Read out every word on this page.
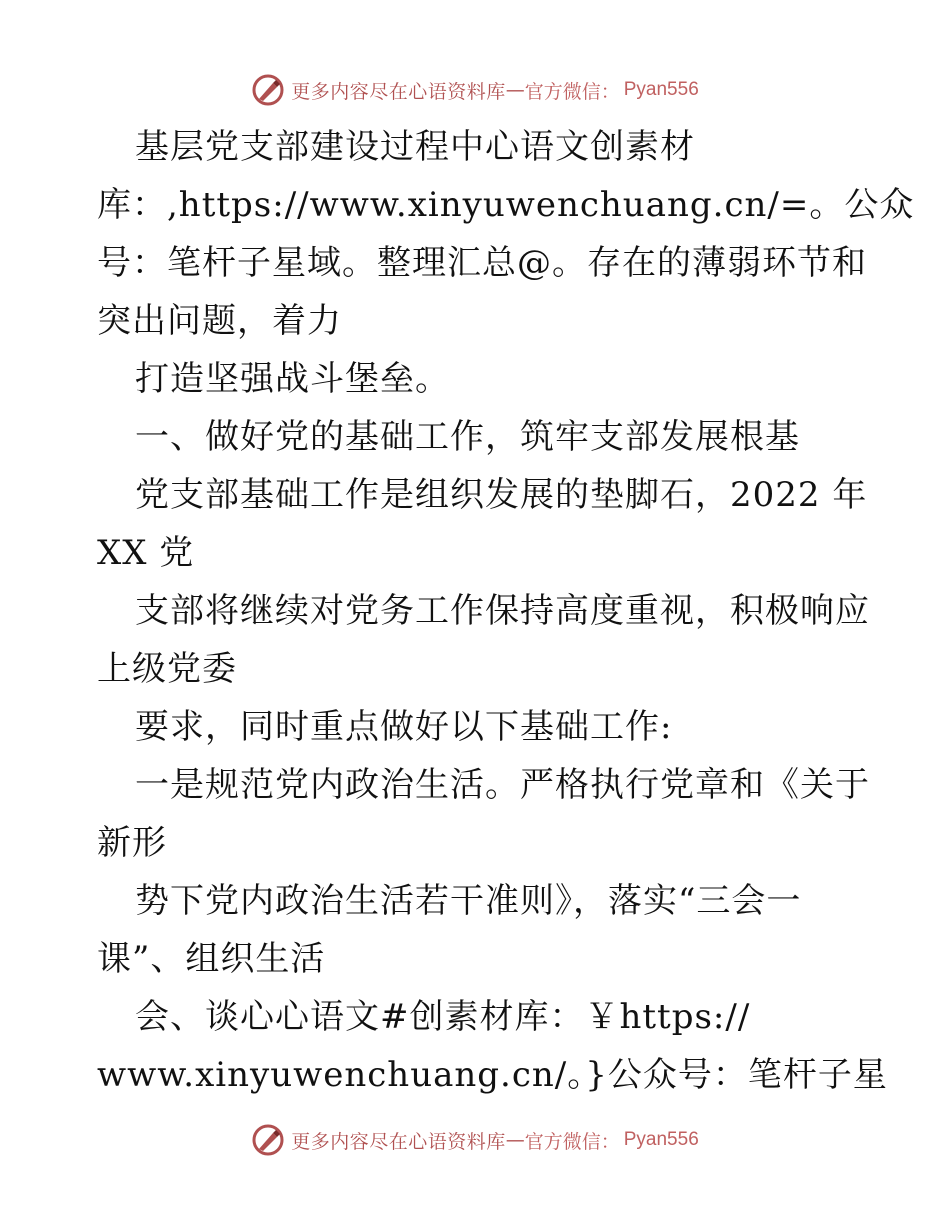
更多内容尽在心语资料库 — 官方微信： Pyan556
基层党支部建设过程中心语文创素材
库：,https://www.xinyuwenchuang.cn/=。公众
号：笔杆子星域。整理汇总@。存在的薄弱环节和
突出问题，着力
打造坚强战斗堡垒。
一、做好党的基础工作，筑牢支部发展根基
党支部基础工作是组织发展的垫脚石，2022 年
XX 党
支部将继续对党务工作保持高度重视，积极响应
上级党委
要求，同时重点做好以下基础工作:
一是规范党内政治生活。严格执行党章和《关于
新形
势下党内政治生活若干准则》，落实“三会一
课”、组织生活
会、谈心心语文#创素材库：￥https://
www.xinyuwenchuang.cn/。}公众号：笔杆子星
更多内容尽在心语资料库 — 官方微信： Pyan556
